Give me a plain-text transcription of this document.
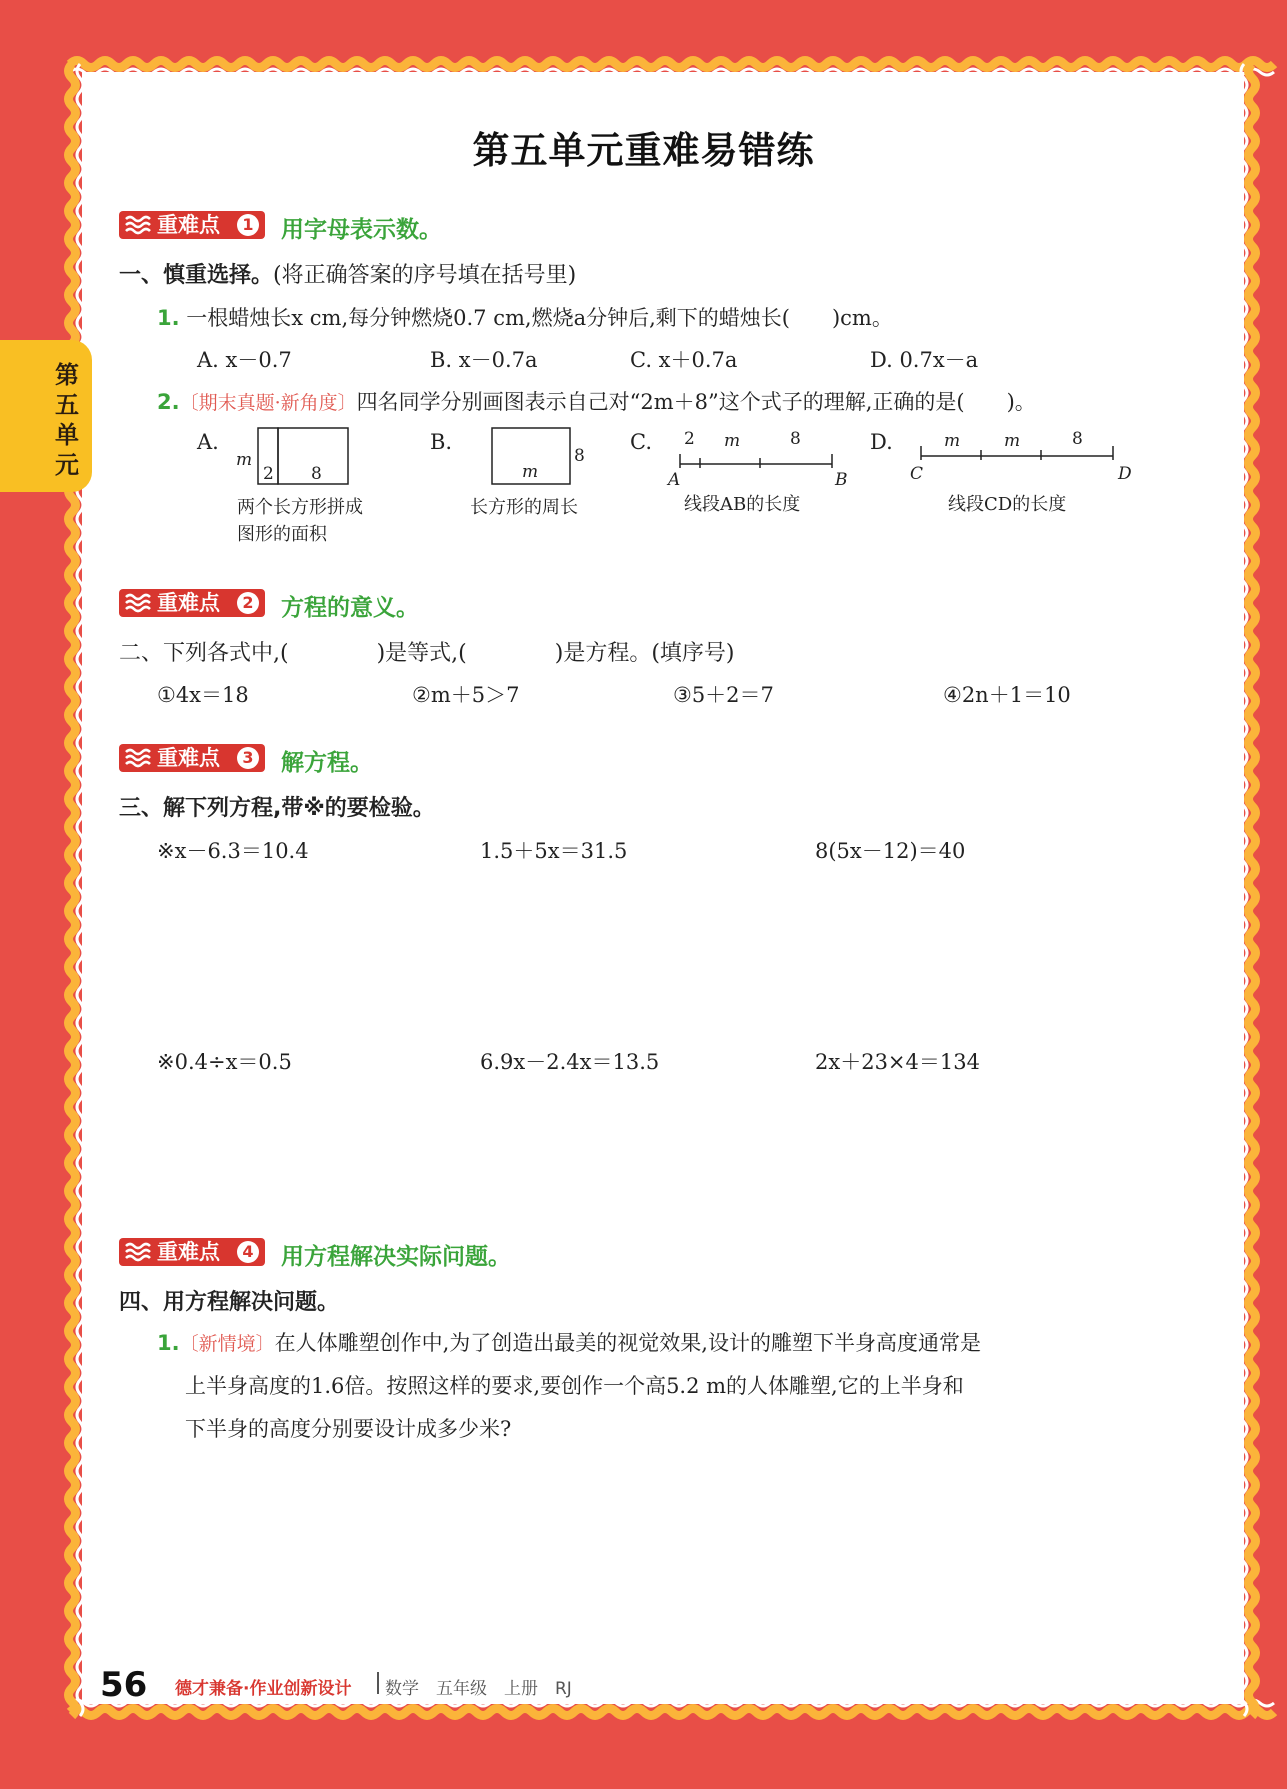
第五单元
第五单元重难易错练
重难点	1 用字母表示数。
一、慎重选择。(将正确答案的序号填在括号里)
1. 一根蜡烛长x cm,每分钟燃烧0.7 cm,燃烧a分钟后,剩下的蜡烛长(　　)cm。
A. x－0.7	B. x－0.7a	C. x＋0.7a	D. 0.7x－a
2.〔期末真题·新角度〕四名同学分别画图表示自己对“2m＋8”这个式子的理解,正确的是(　　)。
A.
m
2 8
两个长方形拼成
图形的面积
B.
m
8
长方形的周长
C. 2 m	8
A	B
线段AB的长度
D.	m	m	8
C	D
线段CD的长度
重难点	2 方程的意义。
二、下列各式中,(　　　　)是等式,(　　　　)是方程。(填序号)
①4x＝18	②m＋5＞7	③5＋2＝7	④2n＋1＝10
重难点	3 解方程。
三、解下列方程,带※的要检验。
※x－6.3＝10.4	1.5＋5x＝31.5	8(5x－12)＝40
※0.4÷x＝0.5	6.9x－2.4x＝13.5	2x＋23×4＝134
重难点	4 用方程解决实际问题。
四、用方程解决问题。
1.〔新情境〕在人体雕塑创作中,为了创造出最美的视觉效果,设计的雕塑下半身高度通常是
上半身高度的1.6倍。按照这样的要求,要创作一个高5.2 m的人体雕塑,它的上半身和
下半身的高度分别要设计成多少米?
56 德才兼备·作业创新设计 数学　五年级　上册　RJ
